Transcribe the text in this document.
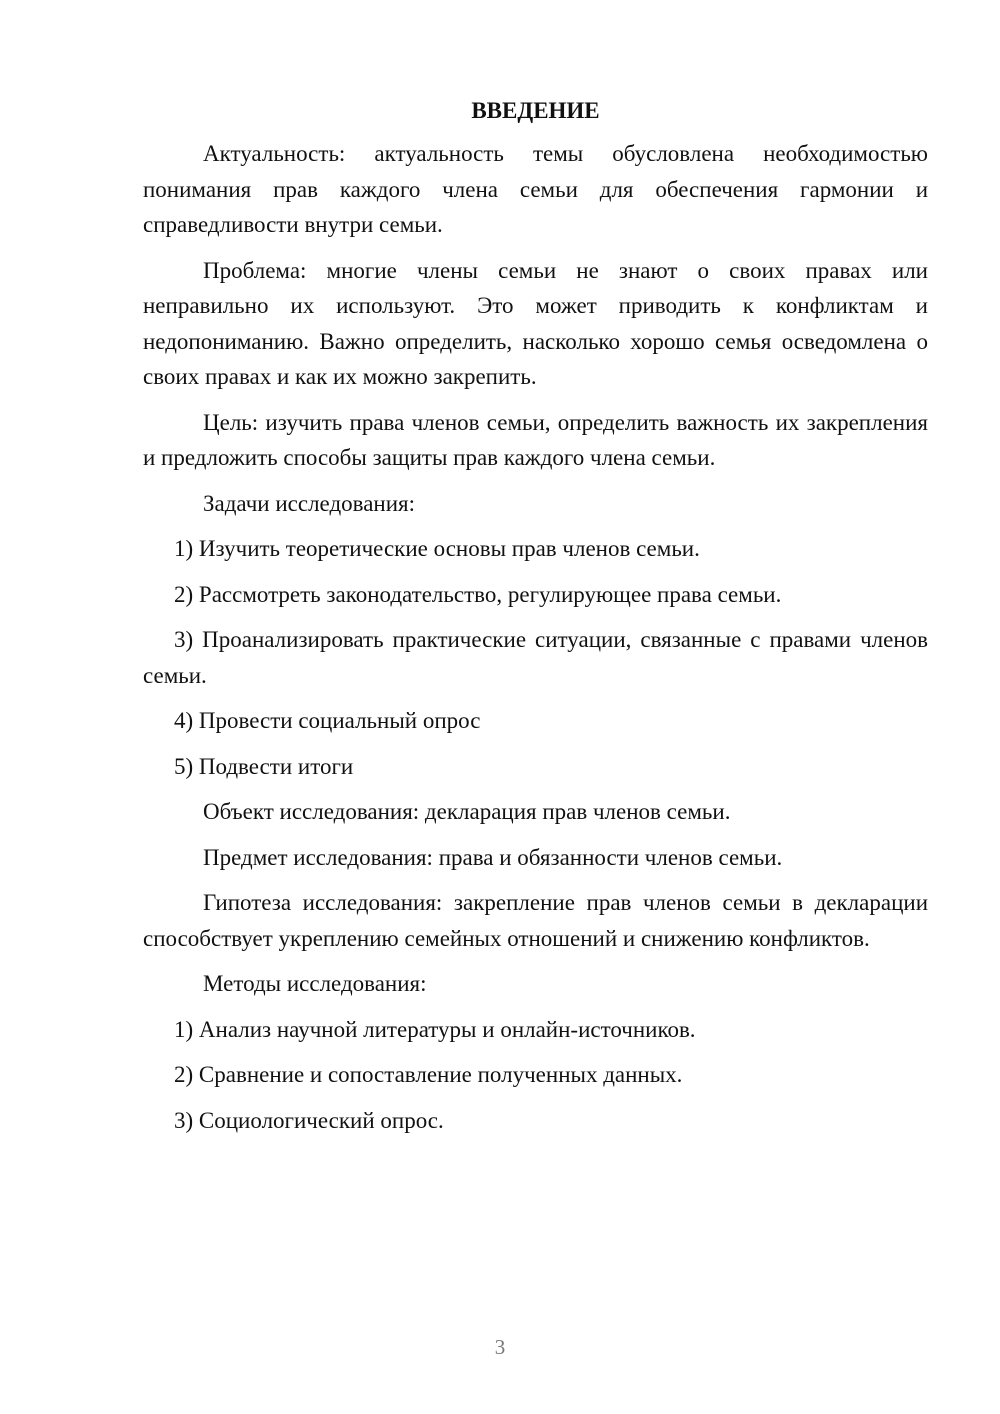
ВВЕДЕНИЕ

Актуальность: актуальность темы обусловлена необходимостью понимания прав каждого члена семьи для обеспечения гармонии и справедливости внутри семьи.

Проблема: многие члены семьи не знают о своих правах или неправильно их используют. Это может приводить к конфликтам и недопониманию. Важно определить, насколько хорошо семья осведомлена о своих правах и как их можно закрепить.

Цель: изучить права членов семьи, определить важность их закрепления и предложить способы защиты прав каждого члена семьи.

Задачи исследования:

1) Изучить теоретические основы прав членов семьи.

2) Рассмотреть законодательство, регулирующее права семьи.

3) Проанализировать практические ситуации, связанные с правами членов семьи.

4) Провести социальный опрос

5) Подвести итоги

Объект исследования: декларация прав членов семьи.

Предмет исследования: права и обязанности членов семьи.

Гипотеза исследования: закрепление прав членов семьи в декларации способствует укреплению семейных отношений и снижению конфликтов.

Методы исследования:

1) Анализ научной литературы и онлайн-источников.

2) Сравнение и сопоставление полученных данных.

3) Социологический опрос.

3
